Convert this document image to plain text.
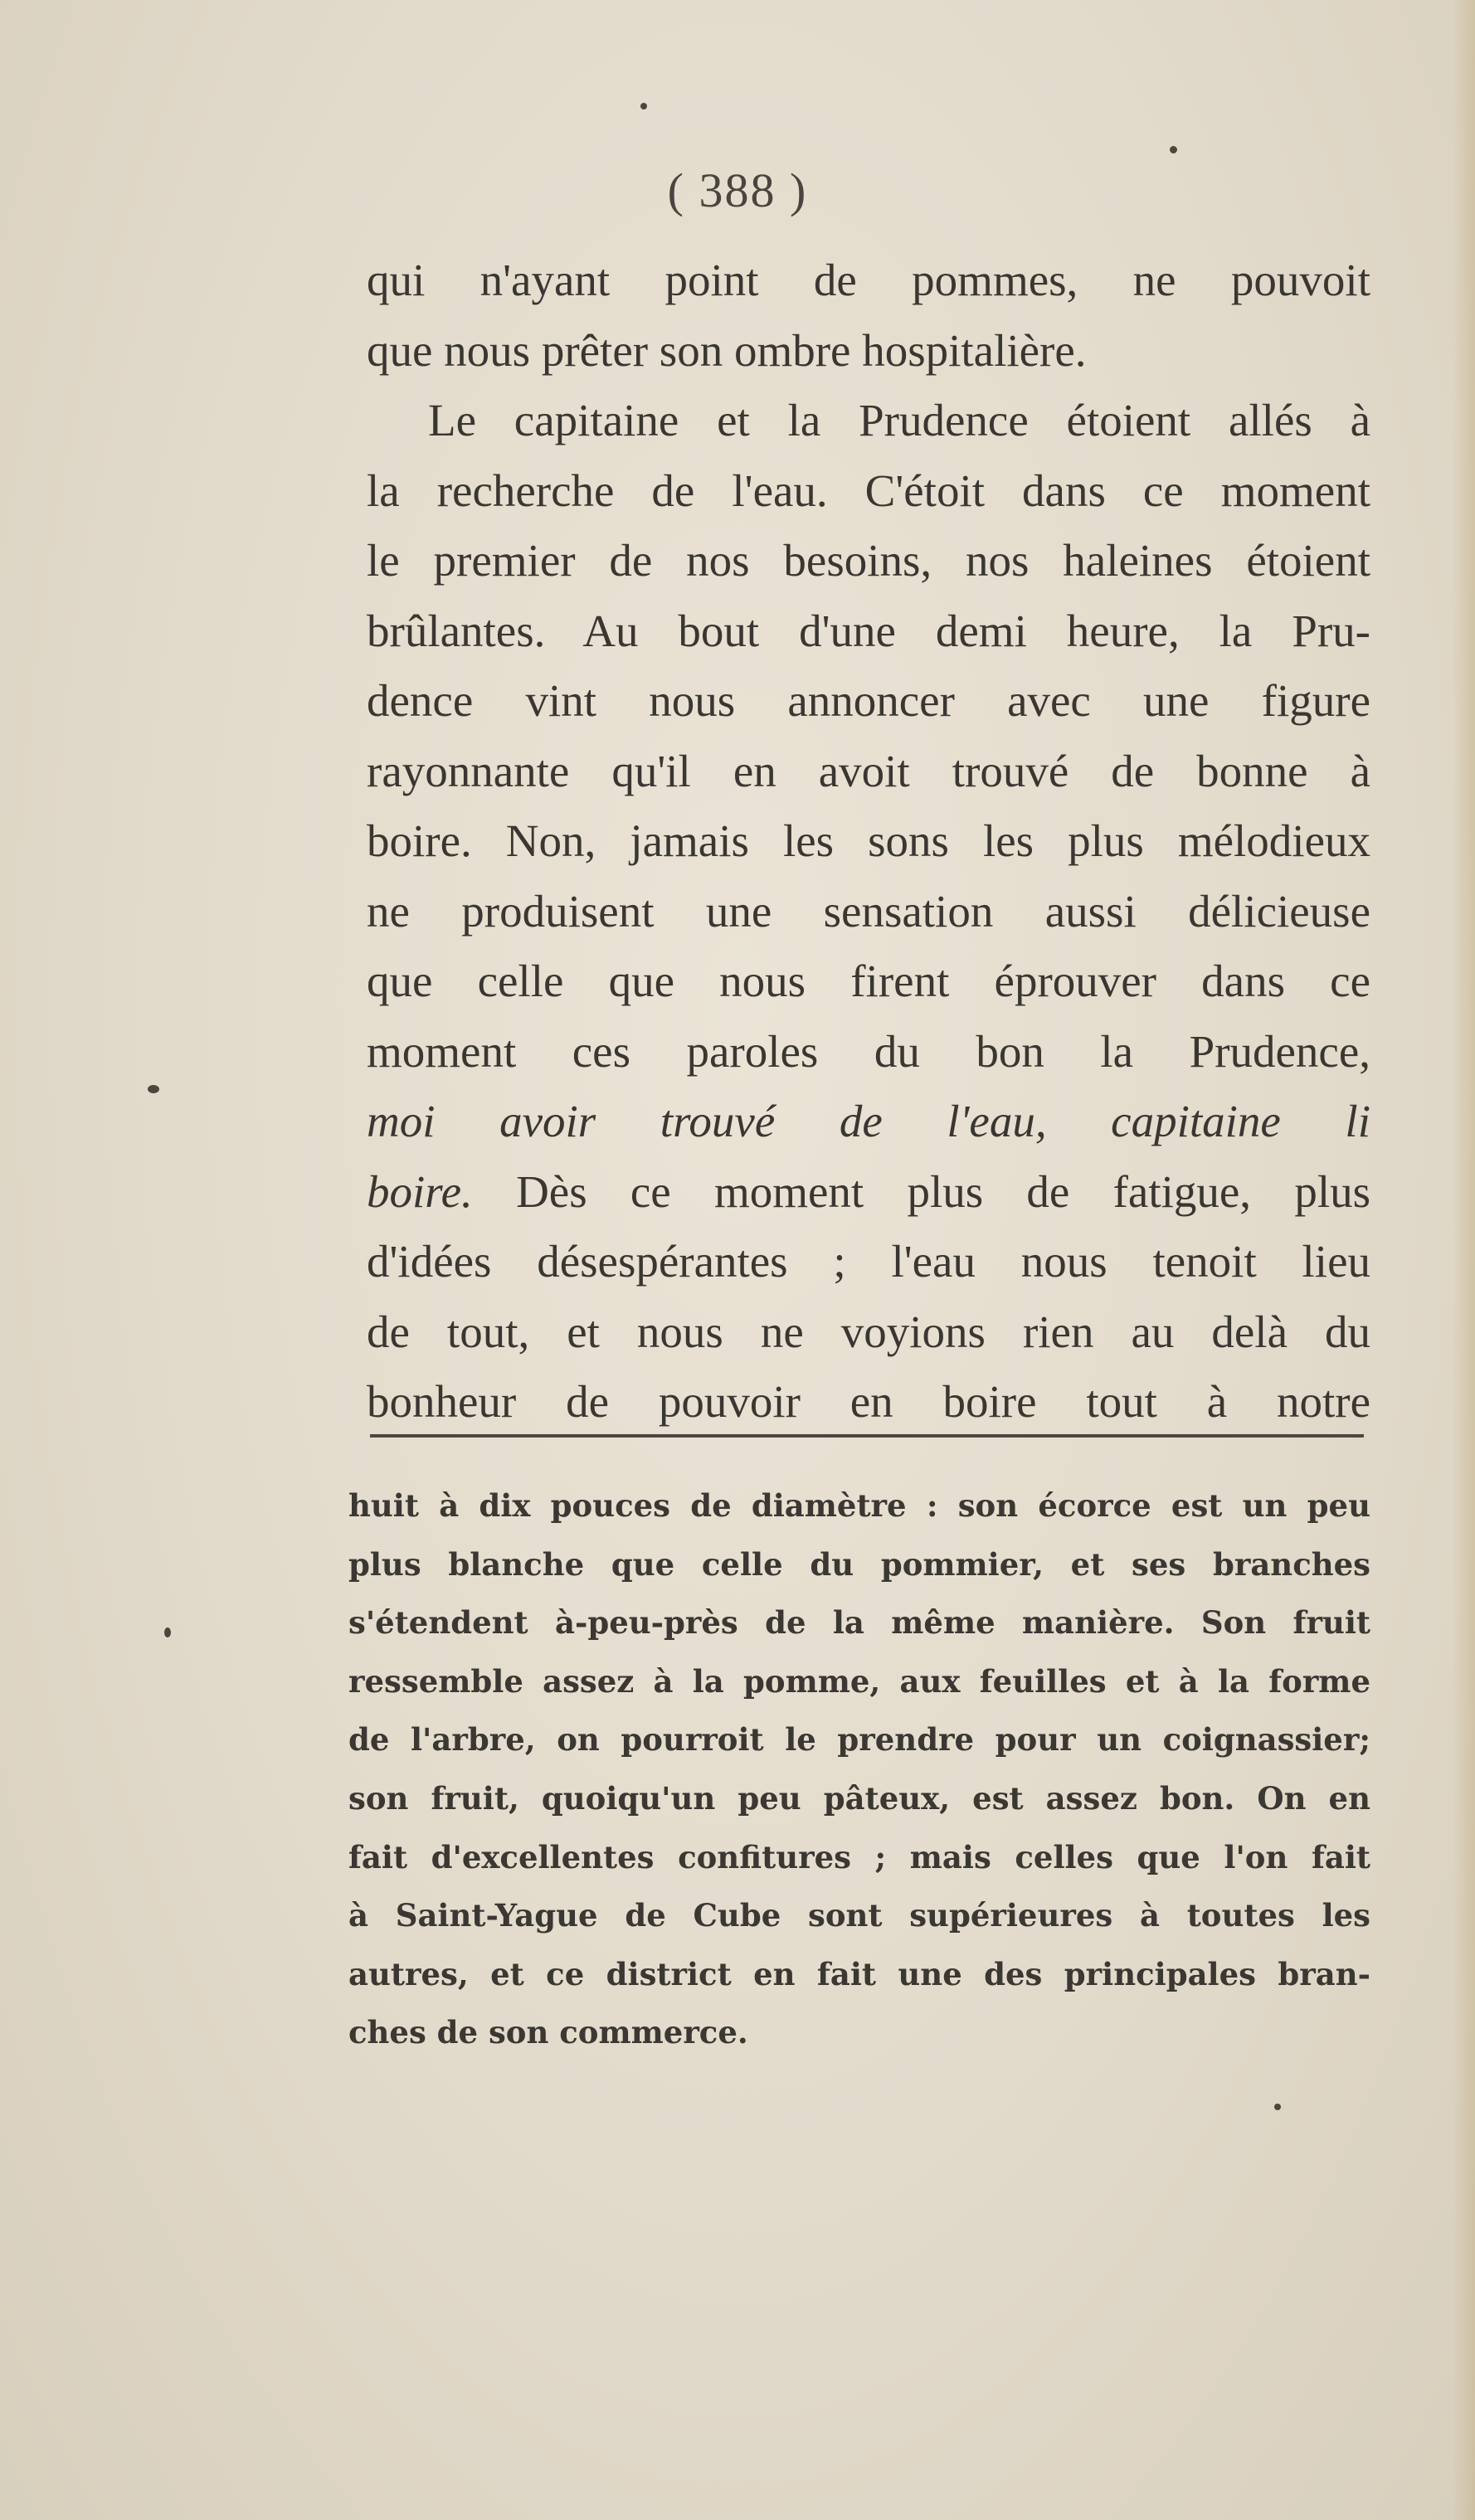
( 388 )
qui n'ayant point de pommes, ne pouvoit
que nous prêter son ombre hospitalière.
Le capitaine et la Prudence étoient allés à
la recherche de l'eau. C'étoit dans ce moment
le premier de nos besoins, nos haleines étoient
brûlantes. Au bout d'une demi heure, la Pru-
dence vint nous annoncer avec une figure
rayonnante qu'il en avoit trouvé de bonne à
boire. Non, jamais les sons les plus mélodieux
ne produisent une sensation aussi délicieuse
que celle que nous firent éprouver dans ce
moment ces paroles du bon la Prudence,
moi avoir trouvé de l'eau, capitaine li
boire. Dès ce moment plus de fatigue, plus
d'idées désespérantes ; l'eau nous tenoit lieu
de tout, et nous ne voyions rien au delà du
bonheur de pouvoir en boire tout à notre
huit à dix pouces de diamètre : son écorce est un peu
plus blanche que celle du pommier, et ses branches
s'étendent à-peu-près de la même manière. Son fruit
ressemble assez à la pomme, aux feuilles et à la forme
de l'arbre, on pourroit le prendre pour un coignassier;
son fruit, quoiqu'un peu pâteux, est assez bon. On en
fait d'excellentes confitures ; mais celles que l'on fait
à Saint-Yague de Cube sont supérieures à toutes les
autres, et ce district en fait une des principales bran-
ches de son commerce.
